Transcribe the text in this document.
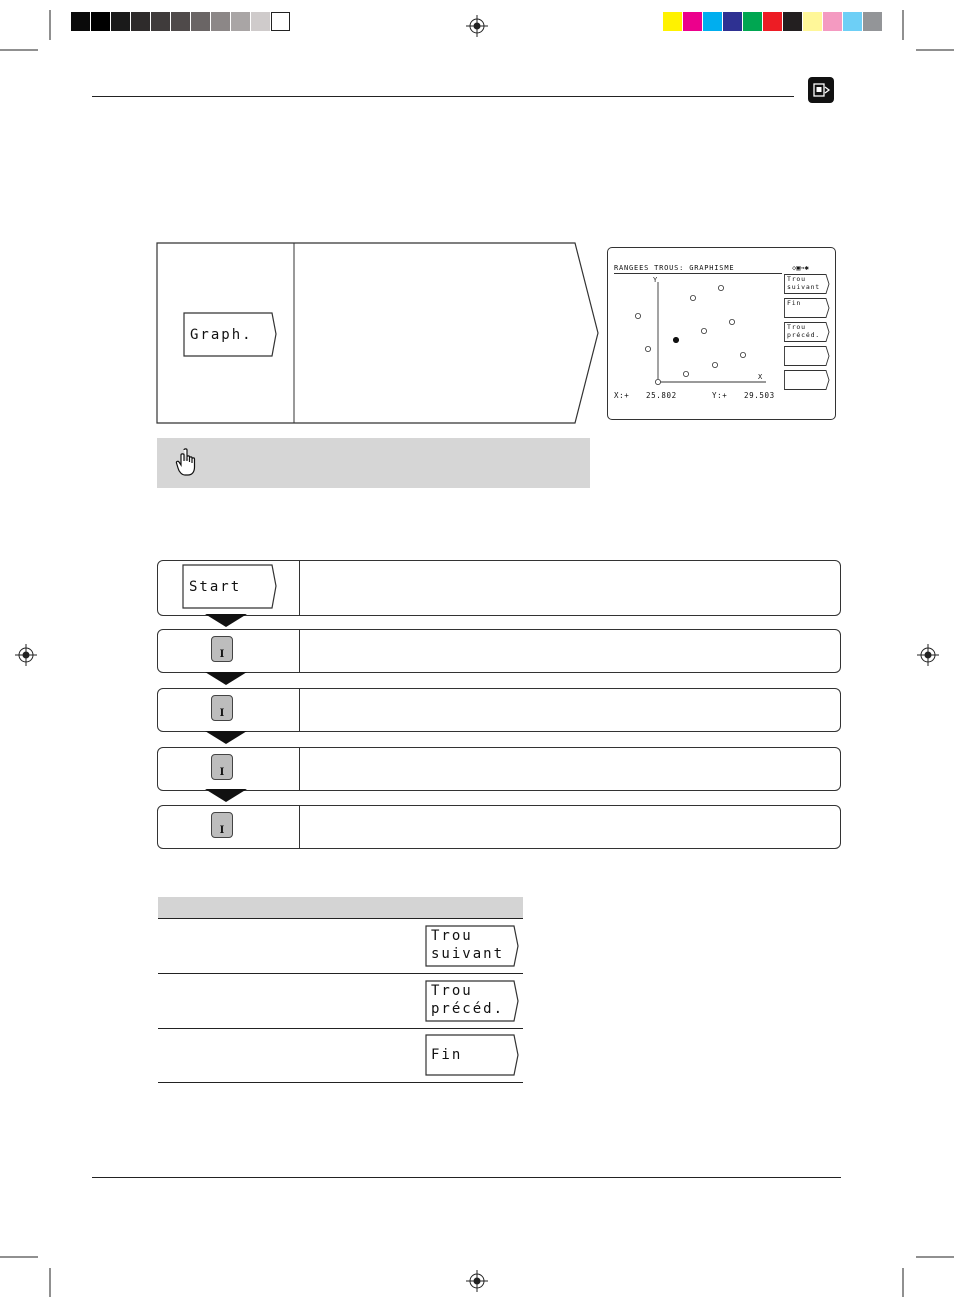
Graph.
RANGEES TROUS: GRAPHISME	◇▣⇒✱
Y
X
X:+ 25.802	Y:+ 29.503
Trou
suivant
Fin
Trou
précéd.
Start
I
I
I
I
Trou
suivant
Trou
précéd.
Fin
